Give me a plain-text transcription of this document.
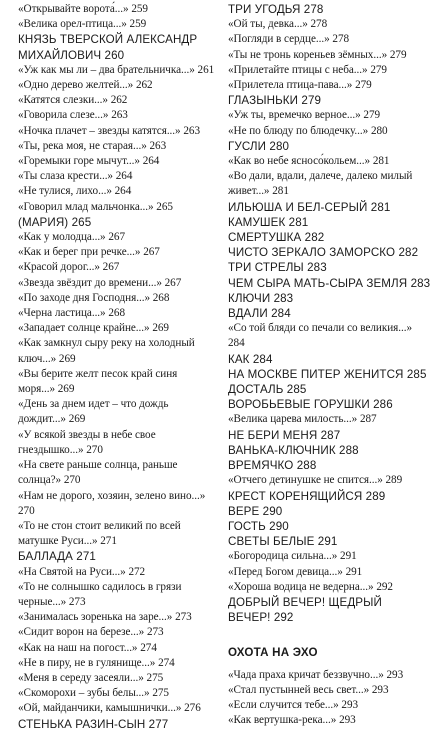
«Открывайте ворота́...» 259
«Велика орел-птица...» 259
КНЯЗЬ ТВЕРСКОЙ АЛЕКСАНДР МИХАЙЛОВИЧ 260
«Уж как мы ли – два брательничка...» 261
«Одно дерево желтей...» 262
«Катятся слезки...» 262
«Говорила слезе...» 263
«Ночка плачет – звезды катятся...» 263
«Ты, река моя, не старая...» 263
«Горемыки горе мычут...» 264
«Ты слаза крести...» 264
«Не тулися, лихо...» 264
«Говорил млад мальчонка...» 265
(МАРИЯ) 265
«Как у молодца...» 267
«Как и берег при речке...» 267
«Красой дорог...» 267
«Звезда звёздит до времени...» 267
«По заходе дня Господня...» 268
«Черна ластица...» 268
«Западает солнце крайне...» 269
«Как замкнул сыру реку на холодный ключ...» 269
«Вы берите желт песок край синя моря...» 269
«День за днем идет – что дождь дождит...» 269
«У всякой звезды в небе свое гнездышко...» 270
«На свете раньше солнца, раньше солнца?» 270
«Нам не дорого, хозяин, зелено вино...» 270
«То не стон стоит великий по всей матушке Руси...» 271
БАЛЛАДА 271
«На Святой на Руси...» 272
«То не солнышко садилось в грязи черные...» 273
«Занималась зоренька на заре...» 273
«Сидит ворон на березе...» 273
«Как на наш на погост...» 274
«Не в пиру, не в гулянище...» 274
«Меня в середу засеяли...» 275
«Скоморохи – зубы белы...» 275
«Ой, майданчики, камышнички...» 276
СТЕНЬКА РАЗИН-СЫН 277
ТРИ УГОДЬЯ 278
«Ой ты, девка...» 278
«Погляди в сердце...» 278
«Ты не тронь кореньев зёмных...» 279
«Прилетайте птицы с неба...» 279
«Прилетела птица-пава...» 279
ГЛАЗЫНЬКИ 279
«Уж ты, времечко верное...» 279
«Не по блюду по блюдечку...» 280
ГУСЛИ 280
«Как во небе ясносо́кольем...» 281
«Во дали, вдали, далече, далеко милый живет...» 281
ИЛЬЮША И БЕЛ-СЕРЫЙ 281
КАМУШЕК 281
СМЕРТУШКА 282
ЧИСТО ЗЕРКАЛО ЗАМОРСКО 282
ТРИ СТРЕЛЫ 283
ЧЕМ СЫРА МАТЬ-СЫРА ЗЕМЛЯ 283
КЛЮЧИ 283
ВДАЛИ 284
«Со той бляди со печали со великия...» 284
КАК 284
НА МОСКВЕ ПИТЕР ЖЕНИТСЯ 285
ДОСТАЛЬ 285
ВОРОБЬЕВЫЕ ГОРУШКИ 286
«Велика царева милость...» 287
НЕ БЕРИ МЕНЯ 287
ВАНЬКА-КЛЮЧНИК 288
ВРЕМЯЧКО 288
«Отчего детинушке не спится...» 289
КРЕСТ КОРЕНЯЩИЙСЯ 289
ВЕРЕ 290
ГОСТЬ 290
СВЕТЫ БЕЛЫЕ 291
«Богородица сильна...» 291
«Перед Богом девица...» 291
«Хороша водица не ведерна...» 292
ДОБРЫЙ ВЕЧЕР! ЩЕДРЫЙ ВЕЧЕР! 292
ОХОТА НА ЭХО
«Чада праха кричат беззвучно...» 293
«Стал пустынней весь свет...» 293
«Если случится тебе...» 293
«Как вертушка-река...» 293
